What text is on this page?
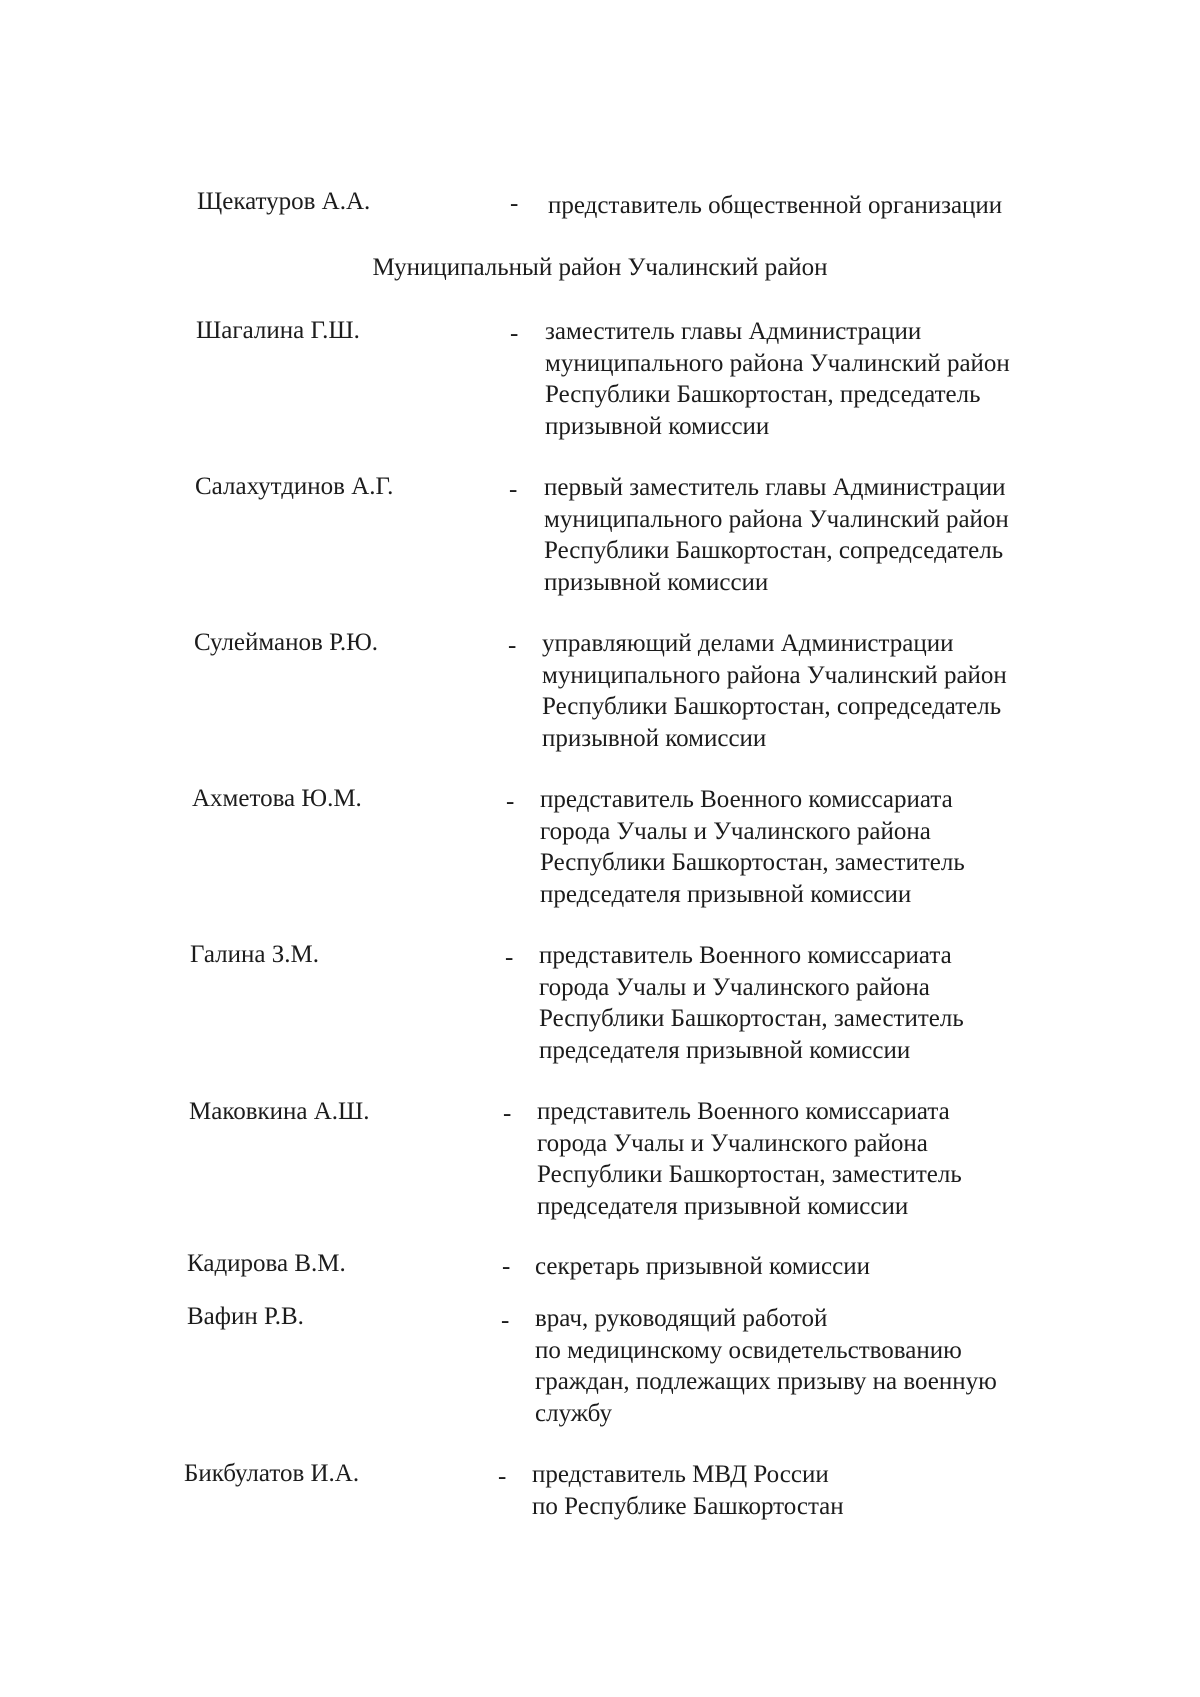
Щекатуров А.А.	- представитель общественной организации
Муниципальный район Учалинский район
Шагалина Г.Ш.	- заместитель главы Администрации
муниципального района Учалинский район
Республики Башкортостан, председатель
призывной комиссии
Салахутдинов А.Г.	- первый заместитель главы Администрации
муниципального района Учалинский район
Республики Башкортостан, сопредседатель
призывной комиссии
Сулейманов Р.Ю.	- управляющий делами Администрации
муниципального района Учалинский район
Республики Башкортостан, сопредседатель
призывной комиссии
Ахметова Ю.М.	- представитель Военного комиссариата
города Учалы и Учалинского района
Республики Башкортостан, заместитель
председателя призывной комиссии
Галина З.М.	- представитель Военного комиссариата
города Учалы и Учалинского района
Республики Башкортостан, заместитель
председателя призывной комиссии
Маковкина А.Ш.	- представитель Военного комиссариата
города Учалы и Учалинского района
Республики Башкортостан, заместитель
председателя призывной комиссии
Кадирова В.М.	- секретарь призывной комиссии
Вафин Р.В.	- врач, руководящий работой
по медицинскому освидетельствованию
граждан, подлежащих призыву на военную
службу
Бикбулатов И.А.	- представитель МВД России
по Республике Башкортостан
